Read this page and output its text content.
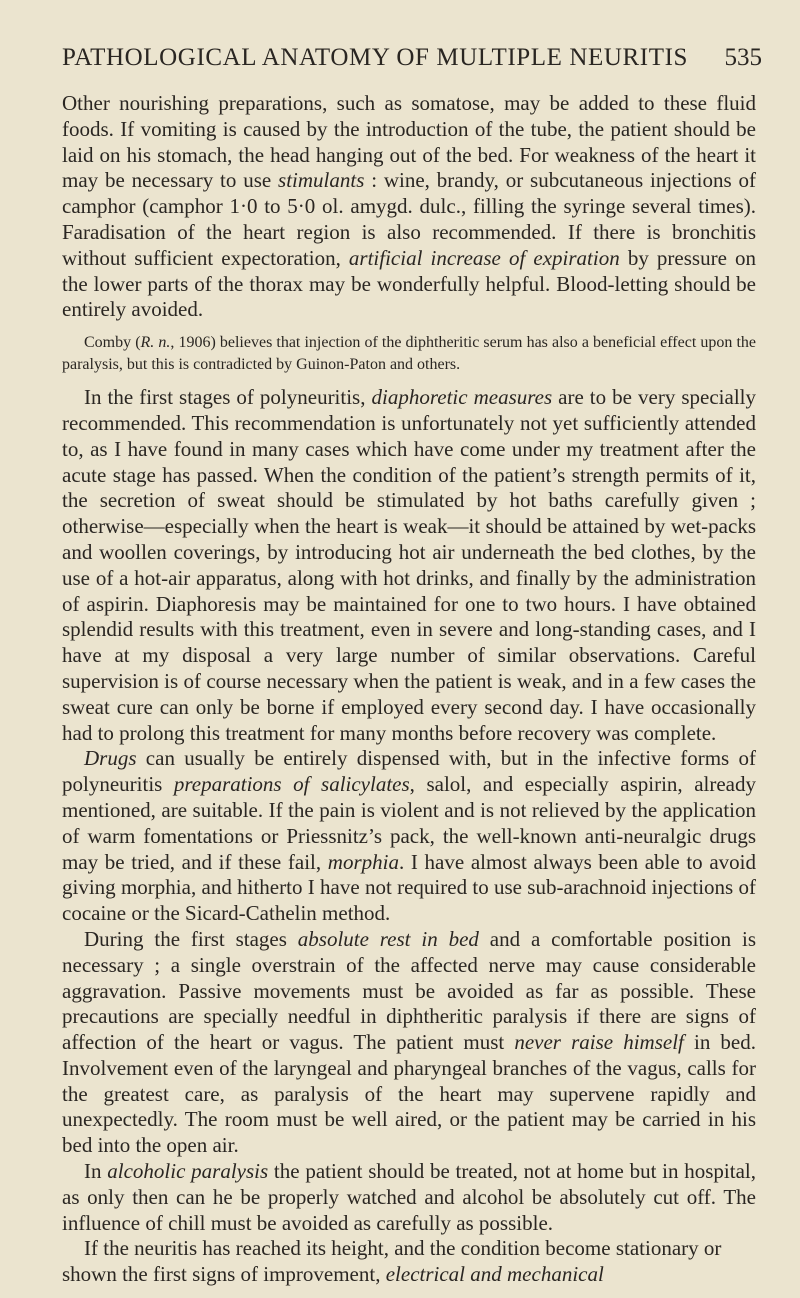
PATHOLOGICAL ANATOMY OF MULTIPLE NEURITIS 535

Other nourishing preparations, such as somatose, may be added to these fluid foods. If vomiting is caused by the introduction of the tube, the patient should be laid on his stomach, the head hanging out of the bed. For weakness of the heart it may be necessary to use stimulants : wine, brandy, or subcutaneous injections of camphor (camphor 1·0 to 5·0 ol. amygd. dulc., filling the syringe several times). Faradisation of the heart region is also recommended. If there is bronchitis without sufficient expectoration, artificial increase of expiration by pressure on the lower parts of the thorax may be wonderfully helpful. Blood-letting should be entirely avoided.

Comby (R. n., 1906) believes that injection of the diphtheritic serum has also a beneficial effect upon the paralysis, but this is contradicted by Guinon-Paton and others.

In the first stages of polyneuritis, diaphoretic measures are to be very specially recommended. This recommendation is unfortunately not yet sufficiently attended to, as I have found in many cases which have come under my treatment after the acute stage has passed. When the condition of the patient’s strength permits of it, the secretion of sweat should be stimulated by hot baths carefully given ; otherwise—especially when the heart is weak—it should be attained by wet-packs and woollen coverings, by introducing hot air underneath the bed clothes, by the use of a hot-air apparatus, along with hot drinks, and finally by the administration of aspirin. Diaphoresis may be maintained for one to two hours. I have obtained splendid results with this treatment, even in severe and long-standing cases, and I have at my disposal a very large number of similar observations. Careful supervision is of course necessary when the patient is weak, and in a few cases the sweat cure can only be borne if employed every second day. I have occasionally had to prolong this treatment for many months before recovery was complete.

Drugs can usually be entirely dispensed with, but in the infective forms of polyneuritis preparations of salicylates, salol, and especially aspirin, already mentioned, are suitable. If the pain is violent and is not relieved by the application of warm fomentations or Priessnitz’s pack, the well-known anti-neuralgic drugs may be tried, and if these fail, morphia. I have almost always been able to avoid giving morphia, and hitherto I have not required to use sub-arachnoid injections of cocaine or the Sicard-Cathelin method.

During the first stages absolute rest in bed and a comfortable position is necessary ; a single overstrain of the affected nerve may cause considerable aggravation. Passive movements must be avoided as far as possible. These precautions are specially needful in diphtheritic paralysis if there are signs of affection of the heart or vagus. The patient must never raise himself in bed. Involvement even of the laryngeal and pharyngeal branches of the vagus, calls for the greatest care, as paralysis of the heart may supervene rapidly and unexpectedly. The room must be well aired, or the patient may be carried in his bed into the open air.

In alcoholic paralysis the patient should be treated, not at home but in hospital, as only then can he be properly watched and alcohol be absolutely cut off. The influence of chill must be avoided as carefully as possible.

If the neuritis has reached its height, and the condition become stationary or shown the first signs of improvement, electrical and mechanical
